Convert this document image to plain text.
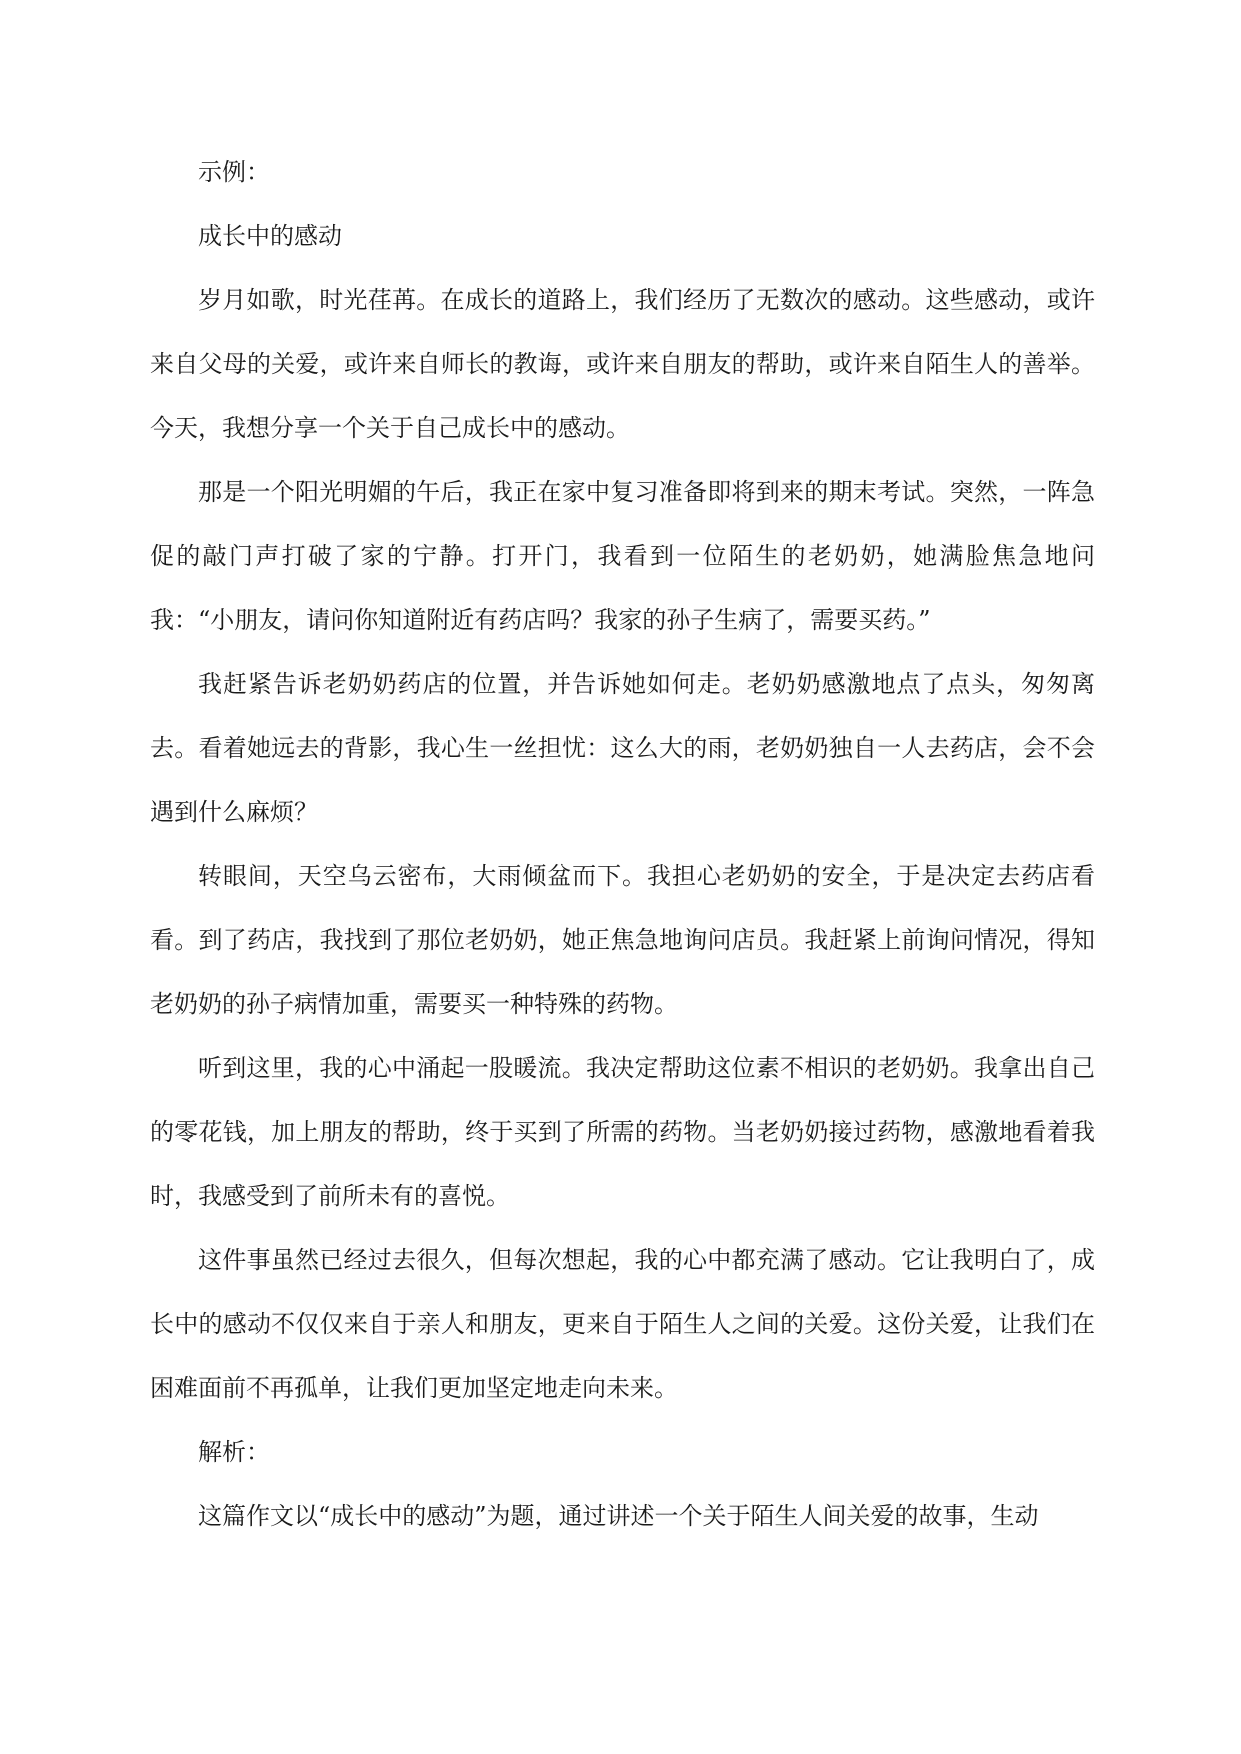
示例：

成长中的感动

岁月如歌，时光荏苒。在成长的道路上，我们经历了无数次的感动。这些感动，或许来自父母的关爱，或许来自师长的教诲，或许来自朋友的帮助，或许来自陌生人的善举。今天，我想分享一个关于自己成长中的感动。

那是一个阳光明媚的午后，我正在家中复习准备即将到来的期末考试。突然，一阵急促的敲门声打破了家的宁静。打开门，我看到一位陌生的老奶奶，她满脸焦急地问我：“小朋友，请问你知道附近有药店吗？我家的孙子生病了，需要买药。”

我赶紧告诉老奶奶药店的位置，并告诉她如何走。老奶奶感激地点了点头，匆匆离去。看着她远去的背影，我心生一丝担忧：这么大的雨，老奶奶独自一人去药店，会不会遇到什么麻烦？

转眼间，天空乌云密布，大雨倾盆而下。我担心老奶奶的安全，于是决定去药店看看。到了药店，我找到了那位老奶奶，她正焦急地询问店员。我赶紧上前询问情况，得知老奶奶的孙子病情加重，需要买一种特殊的药物。

听到这里，我的心中涌起一股暖流。我决定帮助这位素不相识的老奶奶。我拿出自己的零花钱，加上朋友的帮助，终于买到了所需的药物。当老奶奶接过药物，感激地看着我时，我感受到了前所未有的喜悦。

这件事虽然已经过去很久，但每次想起，我的心中都充满了感动。它让我明白了，成长中的感动不仅仅来自于亲人和朋友，更来自于陌生人之间的关爱。这份关爱，让我们在困难面前不再孤单，让我们更加坚定地走向未来。

解析：

这篇作文以“成长中的感动”为题，通过讲述一个关于陌生人间关爱的故事，生动
